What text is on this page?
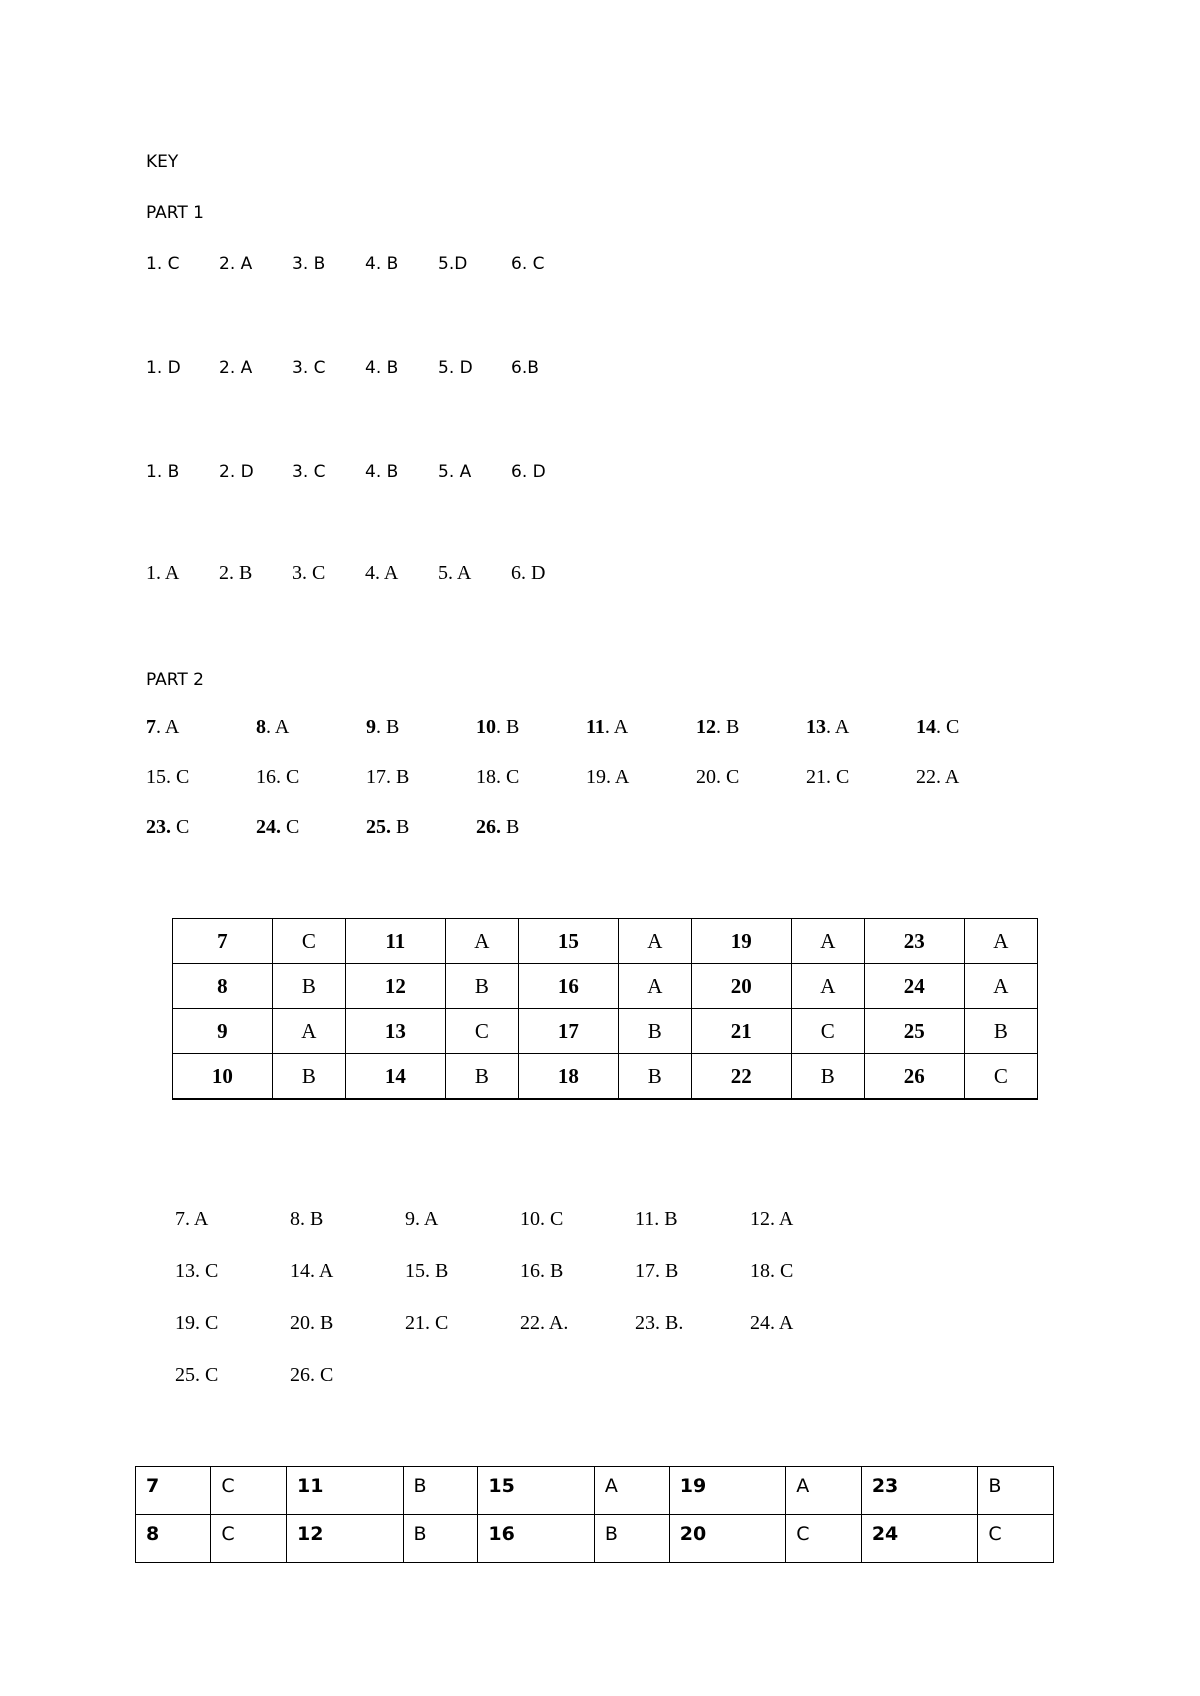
KEY
PART 1
1. C 2. A 3. B 4. B 5.D	6. C
1. D 2. A 3. C 4. B 5. D 6.B
1. B 2. D 3. C 4. B 5. A 6. D
1. A 2. B 3. C 4. A 5. A 6. D
PART 2
7. A	8. A	9. B	10. B	11. A	12. B	13. A	14. C
15. C	16. C	17. B	18. C	19. A	20. C	21. C	22. A
23. C	24. C	25. B	26. B
7	C	11	A	15	A	19	A	23	A
8	B	12	B	16	A	20	A	24	A
9	A	13	C	17	B	21	C	25	B
10	B	14	B	18	B	22	B	26	C
7. A	8. B	9. A	10. C	11. B	12. A
13. C	14. A	15. B	16. B	17. B	18. C
19. C	20. B	21. C	22. A.	23. B.	24. A
25. C	26. C
7	C	11	B	15	A	19	A	23	B
8	C	12	B	16	B	20	C	24	C
